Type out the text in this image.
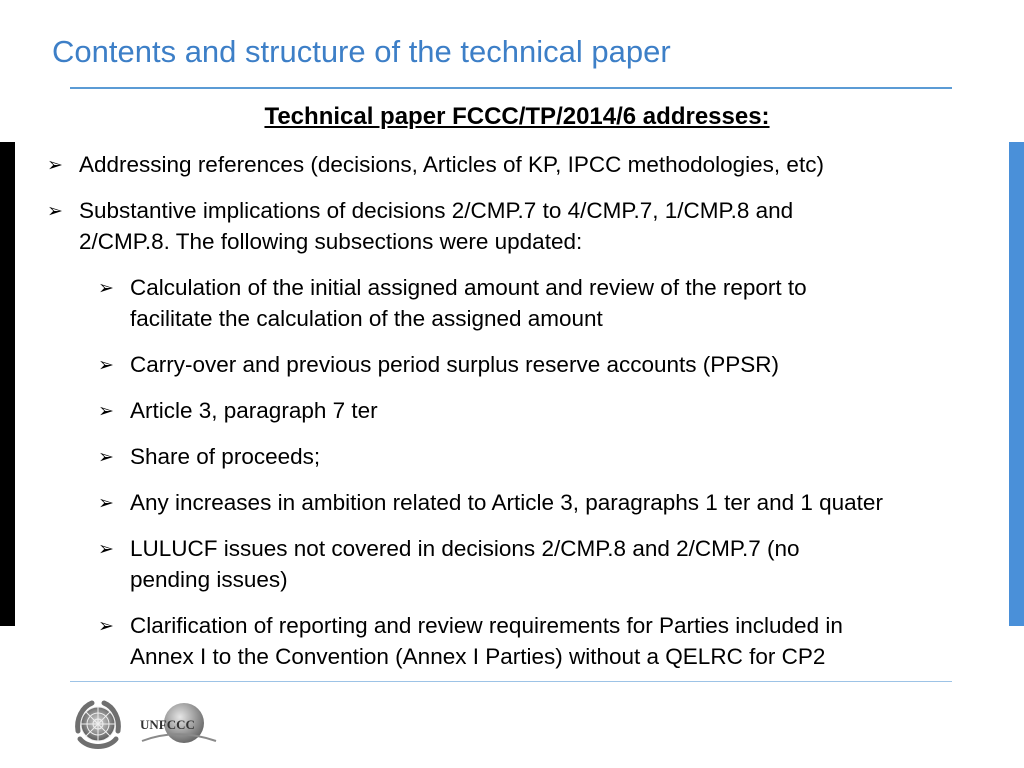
Contents and structure of the technical paper
Technical paper FCCC/TP/2014/6 addresses:
➢ Addressing references (decisions, Articles of KP, IPCC methodologies, etc)
➢ Substantive implications of decisions 2/CMP.7 to 4/CMP.7, 1/CMP.8 and
2/CMP.8. The following subsections were updated:
➢ Calculation of the initial assigned amount and review of the report to
facilitate the calculation of the assigned amount
➢ Carry-over and previous period surplus reserve accounts (PPSR)
➢ Article 3, paragraph 7 ter
➢ Share of proceeds;
➢ Any increases in ambition related to Article 3, paragraphs 1 ter and 1 quater
➢ LULUCF issues not covered in decisions 2/CMP.8 and 2/CMP.7 (no
pending issues)
➢ Clarification of reporting and review requirements for Parties included in
Annex I to the Convention (Annex I Parties) without a QELRC for CP2
UNFCCC
